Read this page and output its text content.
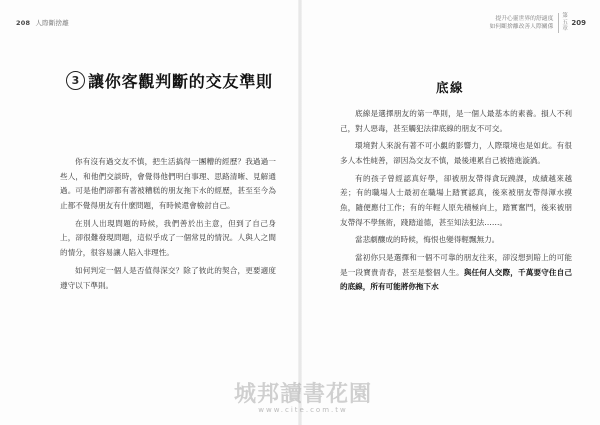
208 人際斷捨離
3 讓你客觀判斷的交友準則

你有沒有過交友不慎，把生活搞得一團糟的經歷？我過過一些人，和他們交談時，會覺得他們明白事理、思路清晰、見解通過。可是他們卻都有著被糟糕的朋友拖下水的經歷，甚至至今為止都不覺得朋友有什麼問題，有時候還會檢討自己。

在別人出現問題的時候，我們善於出主意，但到了自己身上，卻很難發現問題，這似乎成了一個常見的情況。人與人之間的情分，很容易讓人陷入非理性。

如何判定一個人是否值得深交？除了彼此的契合，更要適度遵守以下準則。

提升心靈世界的舒適度
如何斷捨離改善人際關係
第五章
209
底線

底線是選擇朋友的第一準則，是一個人最基本的素養。損人不利己，對人惡毒，甚至觸犯法律底線的朋友不可交。

環境對人來說有著不可小覷的影響力，人際環境也是如此。有很多人本性純善，卻因為交友不慎，最後連累自己被捲進漩渦。

有的孩子曾經認真好學，卻被朋友帶得貪玩蹺課，成績越來越差；有的職場人士最初在職場上踏實認真，後來被朋友帶得渾水摸魚，隨便應付工作；有的年輕人原先積極向上，踏實奮鬥，後來被朋友帶得不學無術，踐踏道德，甚至知法犯法……。

當悲劇釀成的時候，悔恨也變得輕飄無力。

當初你只是選擇和一個不可靠的朋友往來，卻沒想到賠上的可能是一段寶貴青春，甚至是整個人生。與任何人交際，千萬要守住自己的底線，所有可能將你拖下水

城邦讀書花園
www.cite.com.tw
